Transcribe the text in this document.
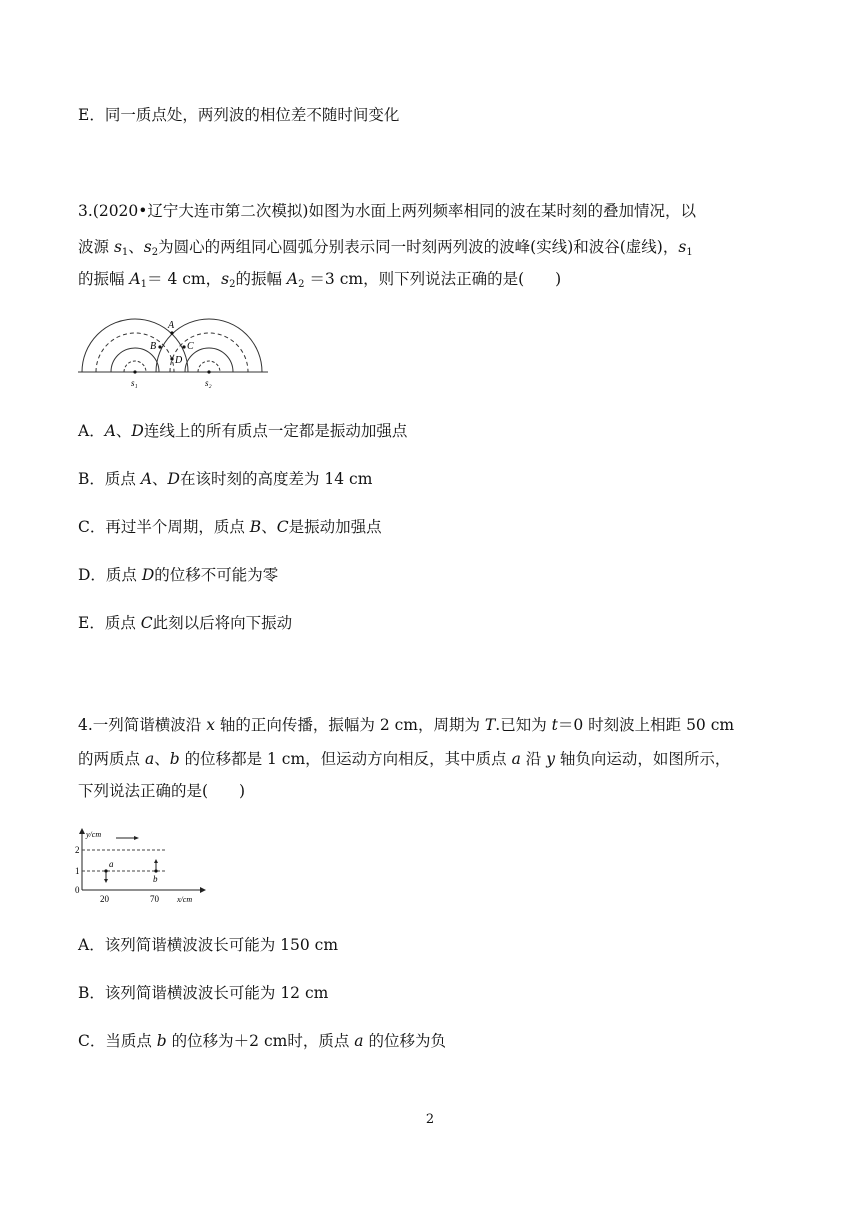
E．同一质点处，两列波的相位差不随时间变化
3.(2020•辽宁大连市第二次模拟)如图为水面上两列频率相同的波在某时刻的叠加情况，以
波源 $s_1$、$s_2$为圆心的两组同心圆弧分别表示同一时刻两列波的波峰(实线)和波谷(虚线)，$s_1$
的振幅 $A_1= 4$ cm，$s_2$的振幅 $A_2 =3$ cm，则下列说法正确的是(　　)
A
B	C
D
s₁	s₂
A．A、D连线上的所有质点一定都是振动加强点
B．质点 A、D在该时刻的高度差为 14 cm
C．再过半个周期，质点 B、C是振动加强点
D．质点 D的位移不可能为零
E．质点 C此刻以后将向下振动
4.一列简谐横波沿 x 轴的正向传播，振幅为 2 cm，周期为 T.已知为 t＝0 时刻波上相距 50 cm
的两质点 a、b 的位移都是 1 cm，但运动方向相反，其中质点 a 沿 y 轴负向运动，如图所示，
下列说法正确的是(　　)
y/cm
x/cm
2
1
0
20	70
a
b
A．该列简谐横波波长可能为 150 cm
B．该列简谐横波波长可能为 12 cm
C．当质点 b 的位移为＋2 cm时，质点 a 的位移为负
2
